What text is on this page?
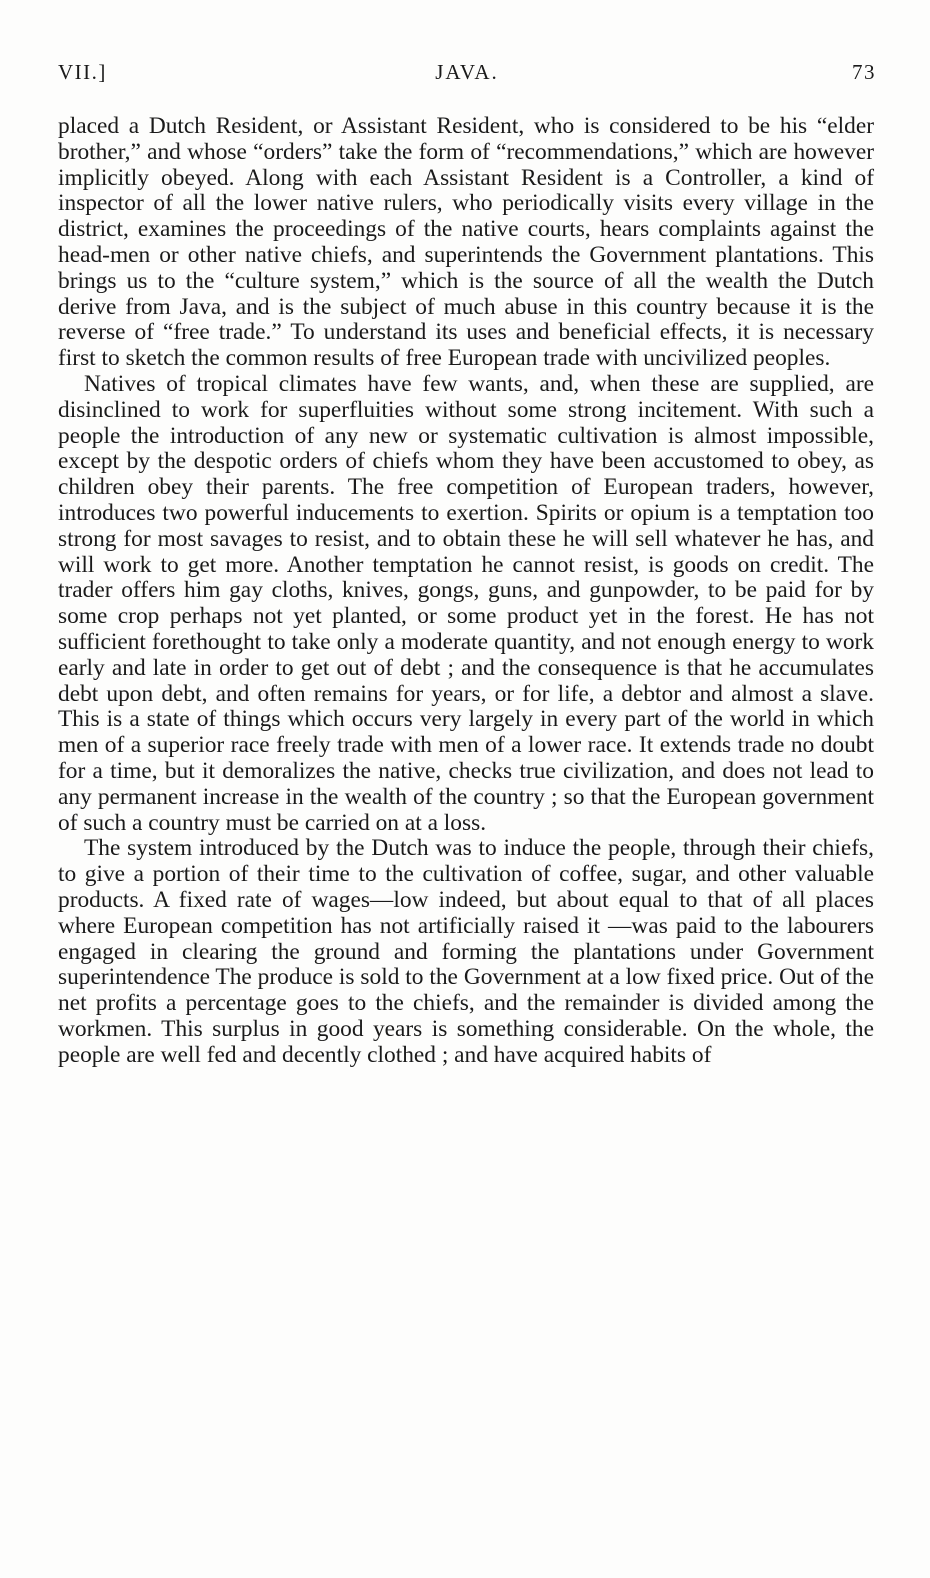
VII.]	JAVA.	73

placed a Dutch Resident, or Assistant Resident, who is considered to be his “elder brother,” and whose “orders” take the form of “recommendations,” which are however implicitly obeyed. Along with each Assistant Resident is a Controller, a kind of inspector of all the lower native rulers, who periodically visits every village in the district, examines the proceedings of the native courts, hears complaints against the head-men or other native chiefs, and superintends the Government plantations. This brings us to the “culture system,” which is the source of all the wealth the Dutch derive from Java, and is the subject of much abuse in this country because it is the reverse of “free trade.” To understand its uses and beneficial effects, it is necessary first to sketch the common results of free European trade with uncivilized peoples.

Natives of tropical climates have few wants, and, when these are supplied, are disinclined to work for superfluities without some strong incitement. With such a people the introduction of any new or systematic cultivation is almost impossible, except by the despotic orders of chiefs whom they have been accustomed to obey, as children obey their parents. The free competition of European traders, however, introduces two powerful inducements to exertion. Spirits or opium is a temptation too strong for most savages to resist, and to obtain these he will sell whatever he has, and will work to get more. Another temptation he cannot resist, is goods on credit. The trader offers him gay cloths, knives, gongs, guns, and gunpowder, to be paid for by some crop perhaps not yet planted, or some product yet in the forest. He has not sufficient forethought to take only a moderate quantity, and not enough energy to work early and late in order to get out of debt ; and the consequence is that he accumulates debt upon debt, and often remains for years, or for life, a debtor and almost a slave. This is a state of things which occurs very largely in every part of the world in which men of a superior race freely trade with men of a lower race. It extends trade no doubt for a time, but it demoralizes the native, checks true civilization, and does not lead to any permanent increase in the wealth of the country ; so that the European government of such a country must be carried on at a loss.

The system introduced by the Dutch was to induce the people, through their chiefs, to give a portion of their time to the cultivation of coffee, sugar, and other valuable products. A fixed rate of wages—low indeed, but about equal to that of all places where European competition has not artificially raised it —was paid to the labourers engaged in clearing the ground and forming the plantations under Government superintendence The produce is sold to the Government at a low fixed price. Out of the net profits a percentage goes to the chiefs, and the remainder is divided among the workmen. This surplus in good years is something considerable. On the whole, the people are well fed and decently clothed ; and have acquired habits of
